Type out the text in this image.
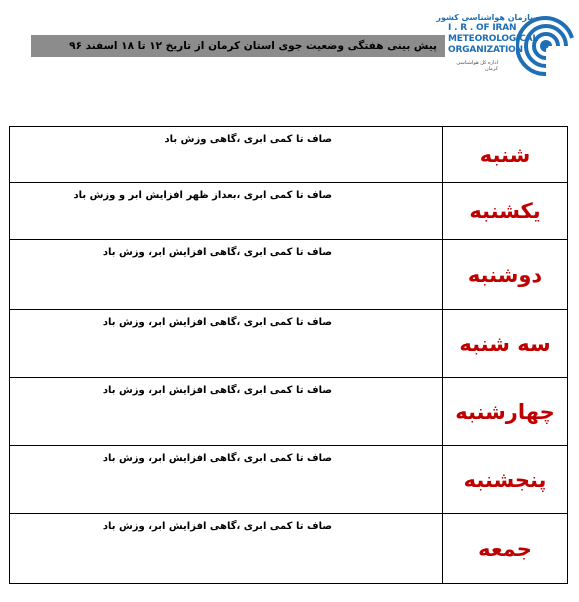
پیش بینی هفتگی وضعیت جوی استان کرمان از تاریخ ۱۲ تا ۱۸ اسفند ۹۶
سازمان هواشناسی کشور
I . R . OF IRAN
METEOROLOGICAL
ORGANIZATION
اداره کل هواشناسی کرمان
صاف تا کمی ابری ،گاهی وزش باد	شنبه
صاف تا کمی ابری ،بعداز ظهر افزایش ابر و وزش باد	یکشنبه
صاف تا کمی ابری ،گاهی افزایش ابر، وزش باد	دوشنبه
صاف تا کمی ابری ،گاهی افزایش ابر، وزش باد	سه شنبه
صاف تا کمی ابری ،گاهی افزایش ابر، وزش باد	چهارشنبه
صاف تا کمی ابری ،گاهی افزایش ابر، وزش باد	پنجشنبه
صاف تا کمی ابری ،گاهی افزایش ابر، وزش باد	جمعه
